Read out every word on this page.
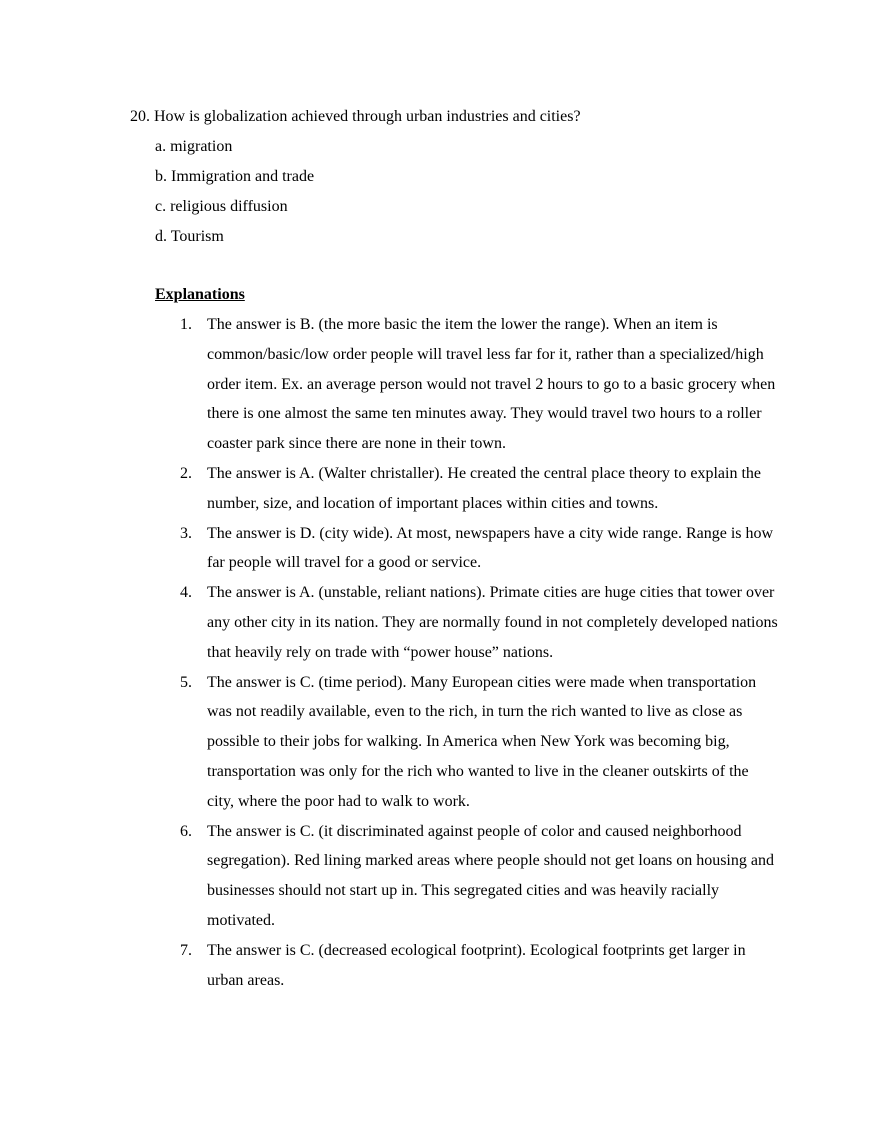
20. How is globalization achieved through urban industries and cities?
a. migration
b. Immigration and trade
c. religious diffusion
d. Tourism
Explanations
1. The answer is B. (the more basic the item the lower the range). When an item is common/basic/low order people will travel less far for it, rather than a specialized/high order item. Ex. an average person would not travel 2 hours to go to a basic grocery when there is one almost the same ten minutes away. They would travel two hours to a roller coaster park since there are none in their town.
2. The answer is A. (Walter christaller). He created the central place theory to explain the number, size, and location of important places within cities and towns.
3. The answer is D. (city wide). At most, newspapers have a city wide range. Range is how far people will travel for a good or service.
4. The answer is A. (unstable, reliant nations). Primate cities are huge cities that tower over any other city in its nation. They are normally found in not completely developed nations that heavily rely on trade with “power house” nations.
5. The answer is C. (time period). Many European cities were made when transportation was not readily available, even to the rich, in turn the rich wanted to live as close as possible to their jobs for walking. In America when New York was becoming big, transportation was only for the rich who wanted to live in the cleaner outskirts of the city, where the poor had to walk to work.
6. The answer is C. (it discriminated against people of color and caused neighborhood segregation). Red lining marked areas where people should not get loans on housing and businesses should not start up in. This segregated cities and was heavily racially motivated.
7. The answer is C. (decreased ecological footprint). Ecological footprints get larger in urban areas.
